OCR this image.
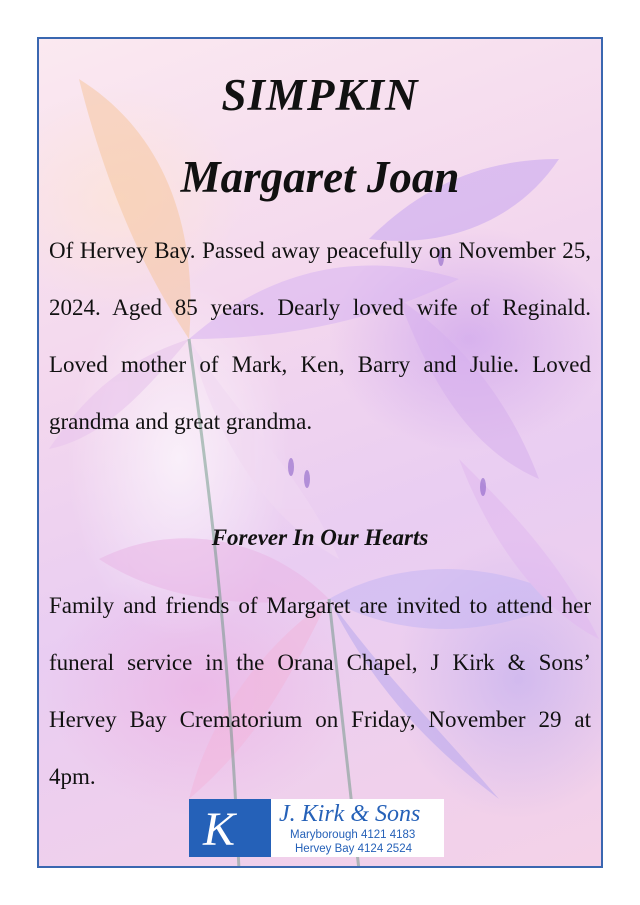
SIMPKIN
Margaret Joan
Of Hervey Bay. Passed away peacefully on November 25, 2024. Aged 85 years. Dearly loved wife of Reginald. Loved mother of Mark, Ken, Barry and Julie. Loved grandma and great grandma.
Forever In Our Hearts
Family and friends of Margaret are invited to attend her funeral service in the Orana Chapel, J Kirk & Sons’ Hervey Bay Crematorium on Friday, November 29 at 4pm.
K J. Kirk & Sons
Maryborough 4121 4183
Hervey Bay 4124 2524
